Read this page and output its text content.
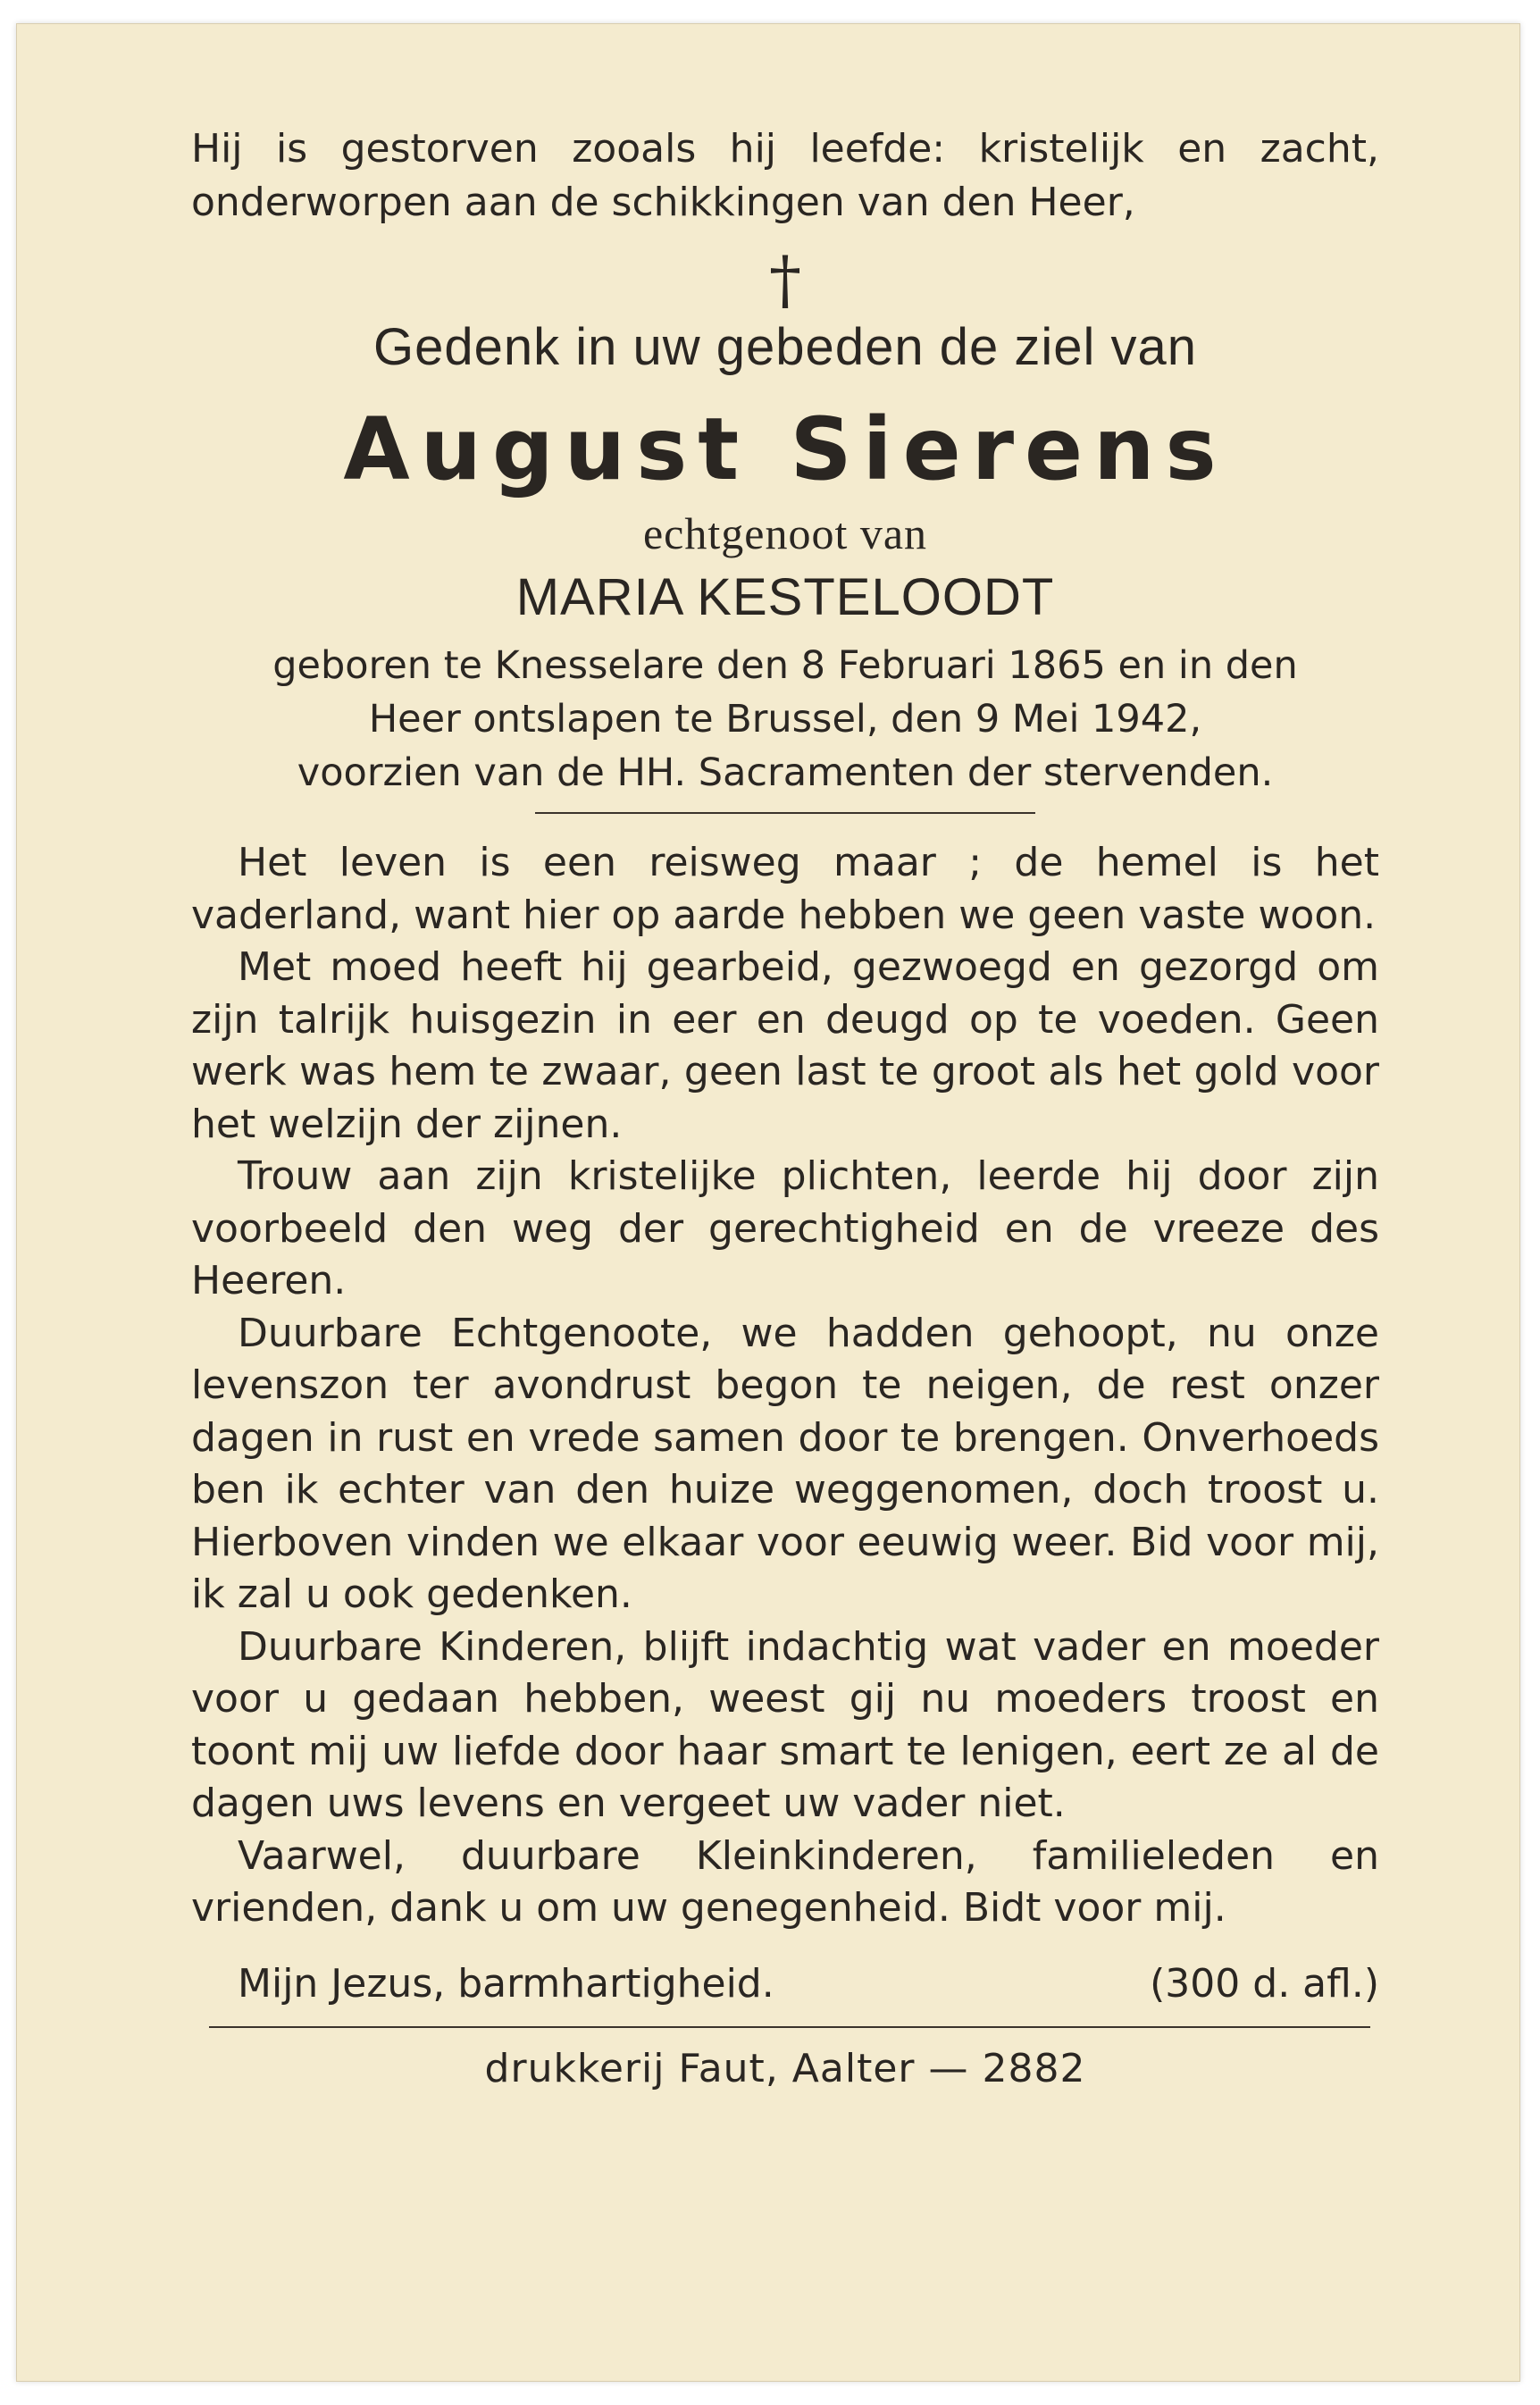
Hij is gestorven zooals hij leefde: kristelijk en zacht, onderworpen aan de schikkingen van den Heer,

†
Gedenk in uw gebeden de ziel van
August Sierens
echtgenoot van
MARIA KESTELOODT
geboren te Knesselare den 8 Februari 1865 en in den
Heer ontslapen te Brussel, den 9 Mei 1942,
voorzien van de HH. Sacramenten der stervenden.

Het leven is een reisweg maar ; de hemel is het vaderland, want hier op aarde hebben we geen vaste woon.

Met moed heeft hij gearbeid, gezwoegd en gezorgd om zijn talrijk huisgezin in eer en deugd op te voeden. Geen werk was hem te zwaar, geen last te groot als het gold voor het welzijn der zijnen.

Trouw aan zijn kristelijke plichten, leerde hij door zijn voorbeeld den weg der gerechtigheid en de vreeze des Heeren.

Duurbare Echtgenoote, we hadden gehoopt, nu onze levenszon ter avondrust begon te neigen, de rest onzer dagen in rust en vrede samen door te brengen. Onverhoeds ben ik echter van den huize weggenomen, doch troost u. Hierboven vinden we elkaar voor eeuwig weer. Bid voor mij, ik zal u ook gedenken.

Duurbare Kinderen, blijft indachtig wat vader en moeder voor u gedaan hebben, weest gij nu moeders troost en toont mij uw liefde door haar smart te lenigen, eert ze al de dagen uws levens en vergeet uw vader niet.

Vaarwel, duurbare Kleinkinderen, familieleden en vrienden, dank u om uw genegenheid. Bidt voor mij.

Mijn Jezus, barmhartigheid.	(300 d. afl.)
drukkerij Faut, Aalter — 2882
